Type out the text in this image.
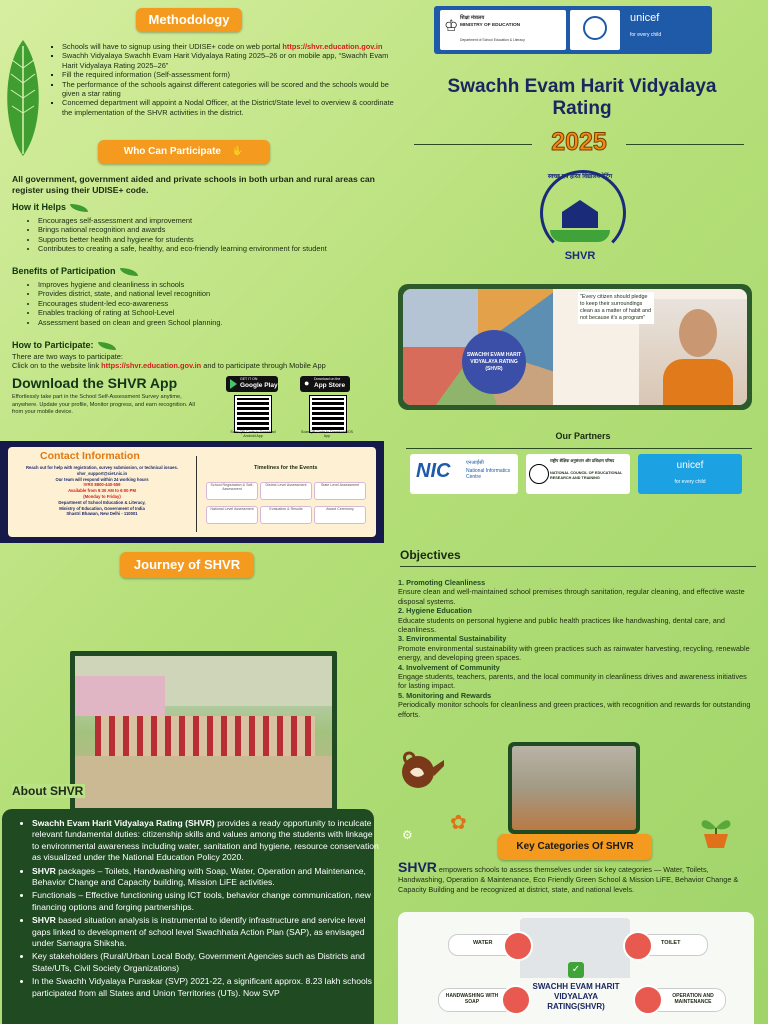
Methodology
▪ Schools will have to signup using their UDISE+ code on web portal https://shvr.education.gov.in
▪ Swachh Vidyalaya Swachh Evam Harit Vidyalaya Rating 2025–26 or on mobile app, “Swachh Evam Harit Vidyalaya Rating 2025–26”
▪ Fill the required information (Self-assessment form)
▪ The performance of the schools against different categories will be scored and the schools would be given a star rating
▪ Concerned department will appoint a Nodal Officer, at the District/State level to overview & coordinate the implementation of the SHVR activities in the district.
Who Can Participate ✋
All government, government aided and private schools in both urban and rural areas can register using their UDISE+ code.
How it Helps
• Encourages self-assessment and improvement
• Brings national recognition and awards
• Supports better health and hygiene for students
• Contributes to creating a safe, healthy, and eco-friendly learning environment for student
Benefits of Participation
• Improves hygiene and cleanliness in schools
• Provides district, state, and national level recognition
• Encourages student-led eco-awareness
• Enables tracking of rating at School-Level
• Assessment based on clean and green School planning.
How to Participate:
There are two ways to participate:
Click on to the website link https://shvr.education.gov.in and to participate through Mobile App
Download the SHVR App
Effortlessly take part in the School Self-Assessment Survey anytime, anywhere. Update your profile, Monitor progress, and earn recognition. All from your mobile device.
GET IT ON
Google Play	● Download on the
App Store
Scan QR Code to Download Android App
Scan QR Code to Download iOS App
Contact Information
Reach out for help with registration, survey submission, or technical issues.
shvr_support@ciet.nic.in
Our team will respond within 24 working hours
IVRS 8800-440-559
Available from 9:30 AM to 6:00 PM
(Monday to Friday)
Department of School Education & Literacy,
Ministry of Education, Government of India
Shastri Bhawan, New Delhi - 110001
Timelines for the Events
School Registration & Self-Assessment
District Level Assessment	State Level Assessment
National Level Assessment	Evaluation & Results	Award Ceremony
Journey of SHVR
About SHVR
• Swachh Evam Harit Vidyalaya Rating (SHVR) provides a ready opportunity to inculcate relevant fundamental duties: citizenship skills and values among the students with linkage to environmental awareness including water, sanitation and hygiene, resource conservation as visualized under the National Education Policy 2020.
• SHVR packages – Toilets, Handwashing with Soap, Water, Operation and Maintenance, Behavior Change and Capacity building, Mission LiFE activities.
• Functionals – Effective functioning using ICT tools, behavior change communication, new financing options and forging partnerships.
• SHVR based situation analysis is instrumental to identify infrastructure and service level gaps linked to development of school level Swachhata Action Plan (SAP), as envisaged under Samagra Shiksha.
• Key stakeholders (Rural/Urban Local Body, Government Agencies such as Districts and State/UTs, Civil Society Organizations)
• In the Swachh Vidyalaya Puraskar (SVP) 2021-22, a significant approx. 8.23 lakh schools participated from all States and Union Territories (UTs). Now SVP
♔ शिक्षा मंत्रालय
MINISTRY OF EDUCATION
Department of School Education & Literacy
unicef
for every child
Swachh Evam Harit Vidyalaya
Rating
2025
स्वच्छ एवं हरित विद्यालय रेटिंग
SHVR
SWACHH EVAM HARIT VIDYALAYA RATING (SHVR)
"Every citizen should pledge to keep their surroundings clean as a matter of habit and not because it's a program"
Our Partners
NIC	एनआईसी
National Informatics Centre
राष्ट्रीय शैक्षिक अनुसंधान और प्रशिक्षण परिषद
NATIONAL COUNCIL OF EDUCATIONAL RESEARCH AND TRAINING
unicef
for every child
Objectives
1. Promoting Cleanliness
Ensure clean and well-maintained school premises through sanitation, regular cleaning, and effective waste disposal systems.
2. Hygiene Education
Educate students on personal hygiene and public health practices like handwashing, dental care, and cleanliness.
3. Environmental Sustainability
Promote environmental sustainability with green practices such as rainwater harvesting, recycling, renewable energy, and developing green spaces.
4. Involvement of Community
Engage students, teachers, parents, and the local community in cleanliness drives and awareness initiatives for lasting impact.
5. Monitoring and Rewards
Periodically monitor schools for cleanliness and green practices, with recognition and rewards for outstanding efforts.
✿
⚙
Key Categories Of SHVR
SHVR empowers schools to assess themselves under six key categories — Water, Toilets, Handwashing, Operation & Maintenance, Eco Friendly Green School & Mission LiFE, Behavior Change & Capacity Building and be recognized at district, state, and national levels.
✓
SWACHH EVAM HARIT VIDYALAYA RATING(SHVR)
WATER	TOILET
HANDWASHING WITH SOAP
OPERATION AND MAINTENANCE
